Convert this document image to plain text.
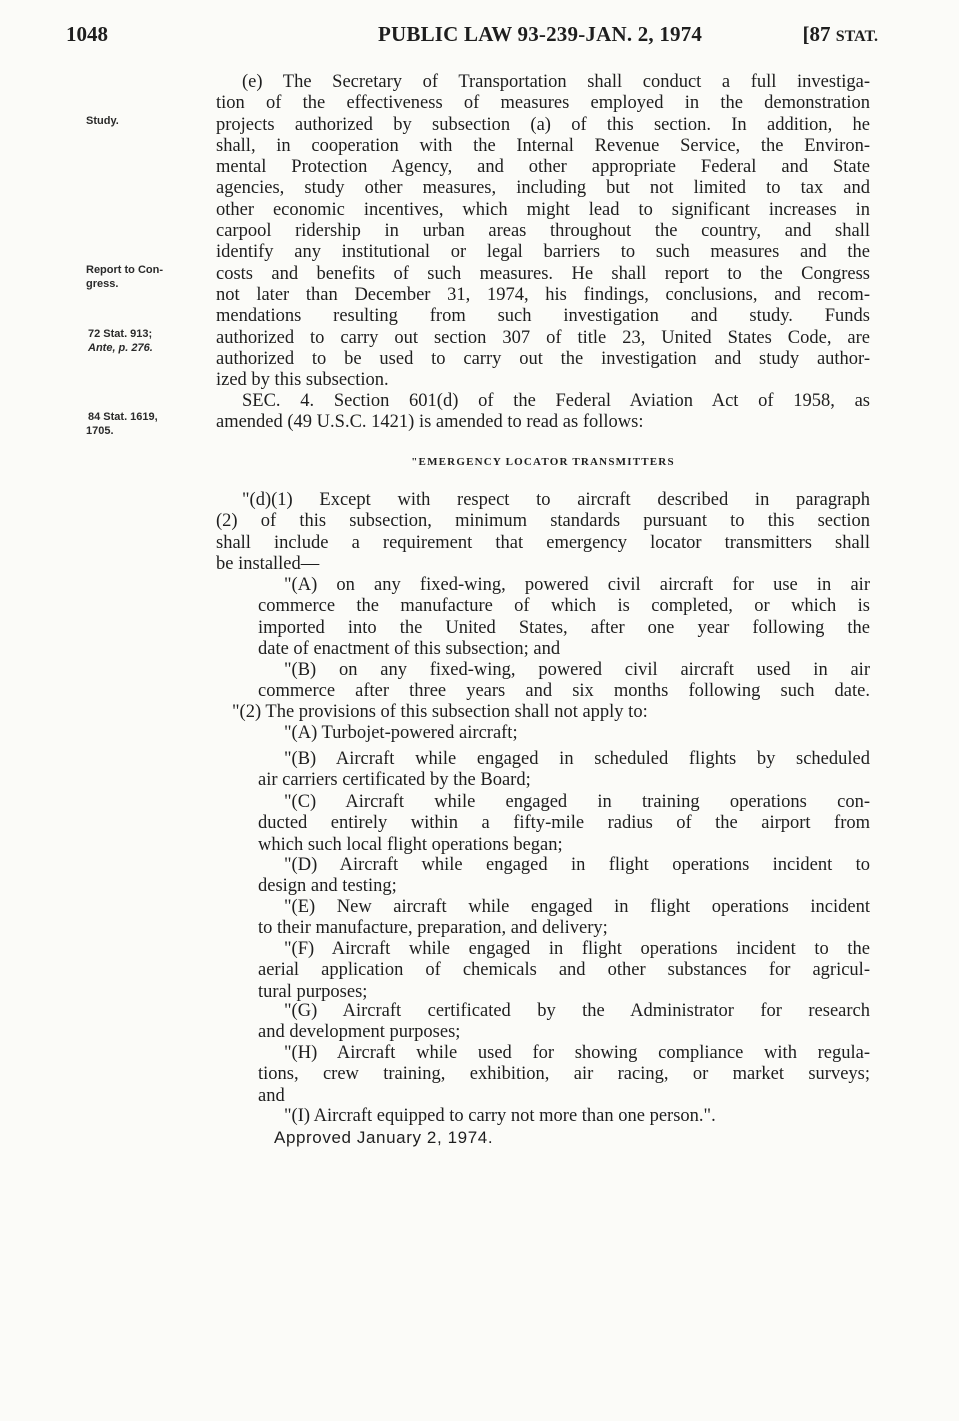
1048	PUBLIC LAW 93-239-JAN. 2, 1974	[87 STAT.
Study.
Report to Con-
gress.
72 Stat. 913;
Ante, p. 276.
84 Stat. 1619,
1705.
(e) The Secretary of Transportation shall conduct a full investiga-
tion of the effectiveness of measures employed in the demonstration
projects authorized by subsection (a) of this section. In addition, he
shall, in cooperation with the Internal Revenue Service, the Environ-
mental Protection Agency, and other appropriate Federal and State
agencies, study other measures, including but not limited to tax and
other economic incentives, which might lead to significant increases in
carpool ridership in urban areas throughout the country, and shall
identify any institutional or legal barriers to such measures and the
costs and benefits of such measures. He shall report to the Congress
not later than December 31, 1974, his findings, conclusions, and recom-
mendations resulting from such investigation and study. Funds
authorized to carry out section 307 of title 23, United States Code, are
authorized to be used to carry out the investigation and study author-
ized by this subsection.
SEC. 4. Section 601(d) of the Federal Aviation Act of 1958, as
amended (49 U.S.C. 1421) is amended to read as follows:
"EMERGENCY LOCATOR TRANSMITTERS
"(d)(1) Except with respect to aircraft described in paragraph
(2) of this subsection, minimum standards pursuant to this section
shall include a requirement that emergency locator transmitters shall
be installed—
"(A) on any fixed-wing, powered civil aircraft for use in air
commerce the manufacture of which is completed, or which is
imported into the United States, after one year following the
date of enactment of this subsection; and
"(B) on any fixed-wing, powered civil aircraft used in air
commerce after three years and six months following such date.
"(2) The provisions of this subsection shall not apply to:
"(A) Turbojet-powered aircraft;
"(B) Aircraft while engaged in scheduled flights by scheduled
air carriers certificated by the Board;
"(C) Aircraft while engaged in training operations con-
ducted entirely within a fifty-mile radius of the airport from
which such local flight operations began;
"(D) Aircraft while engaged in flight operations incident to
design and testing;
"(E) New aircraft while engaged in flight operations incident
to their manufacture, preparation, and delivery;
"(F) Aircraft while engaged in flight operations incident to the
aerial application of chemicals and other substances for agricul-
tural purposes;
"(G) Aircraft certificated by the Administrator for research
and development purposes;
"(H) Aircraft while used for showing compliance with regula-
tions, crew training, exhibition, air racing, or market surveys;
and
"(I) Aircraft equipped to carry not more than one person.".
Approved January 2, 1974.
